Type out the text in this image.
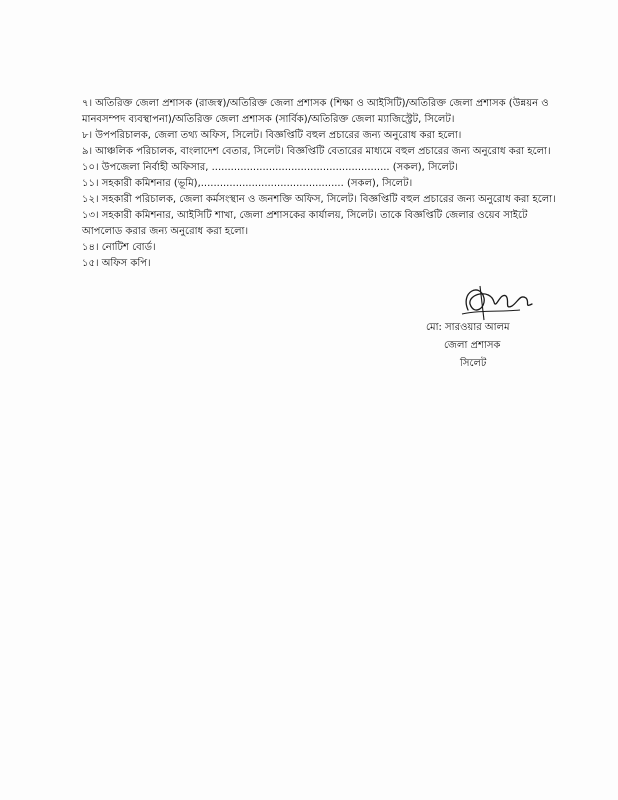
৭। অতিরিক্ত জেলা প্রশাসক (রাজস্ব)/অতিরিক্ত জেলা প্রশাসক (শিক্ষা ও আইসিটি)/অতিরিক্ত জেলা প্রশাসক (উন্নয়ন ও মানবসম্পদ ব্যবস্থাপনা)/অতিরিক্ত জেলা প্রশাসক (সার্বিক)/অতিরিক্ত জেলা ম্যাজিস্ট্রেট, সিলেট।

৮। উপপরিচালক, জেলা তথ্য অফিস, সিলেট। বিজ্ঞপ্তিটি বহুল প্রচারের জন্য অনুরোধ করা হলো।

৯। আঞ্চলিক পরিচালক, বাংলাদেশ বেতার, সিলেট। বিজ্ঞপ্তিটি বেতারের মাধ্যমে বহুল প্রচারের জন্য অনুরোধ করা হলো।

১০। উপজেলা নির্বাহী অফিসার, ........................................................ (সকল), সিলেট।

১১। সহকারী কমিশনার (ভূমি),............................................. (সকল), সিলেট।

১২। সহকারী পরিচালক, জেলা কর্মসংস্থান ও জনশক্তি অফিস, সিলেট। বিজ্ঞপ্তিটি বহুল প্রচারের জন্য অনুরোধ করা হলো।

১৩। সহকারী কমিশনার, আইসিটি শাখা, জেলা প্রশাসকের কার্যালয়, সিলেট। তাকে বিজ্ঞপ্তিটি জেলার ওয়েব সাইটে আপলোড করার জন্য অনুরোধ করা হলো।

১৪। নোটিশ বোর্ড।

১৫। অফিস কপি।

মো: সারওয়ার আলম
জেলা প্রশাসক
সিলেট
